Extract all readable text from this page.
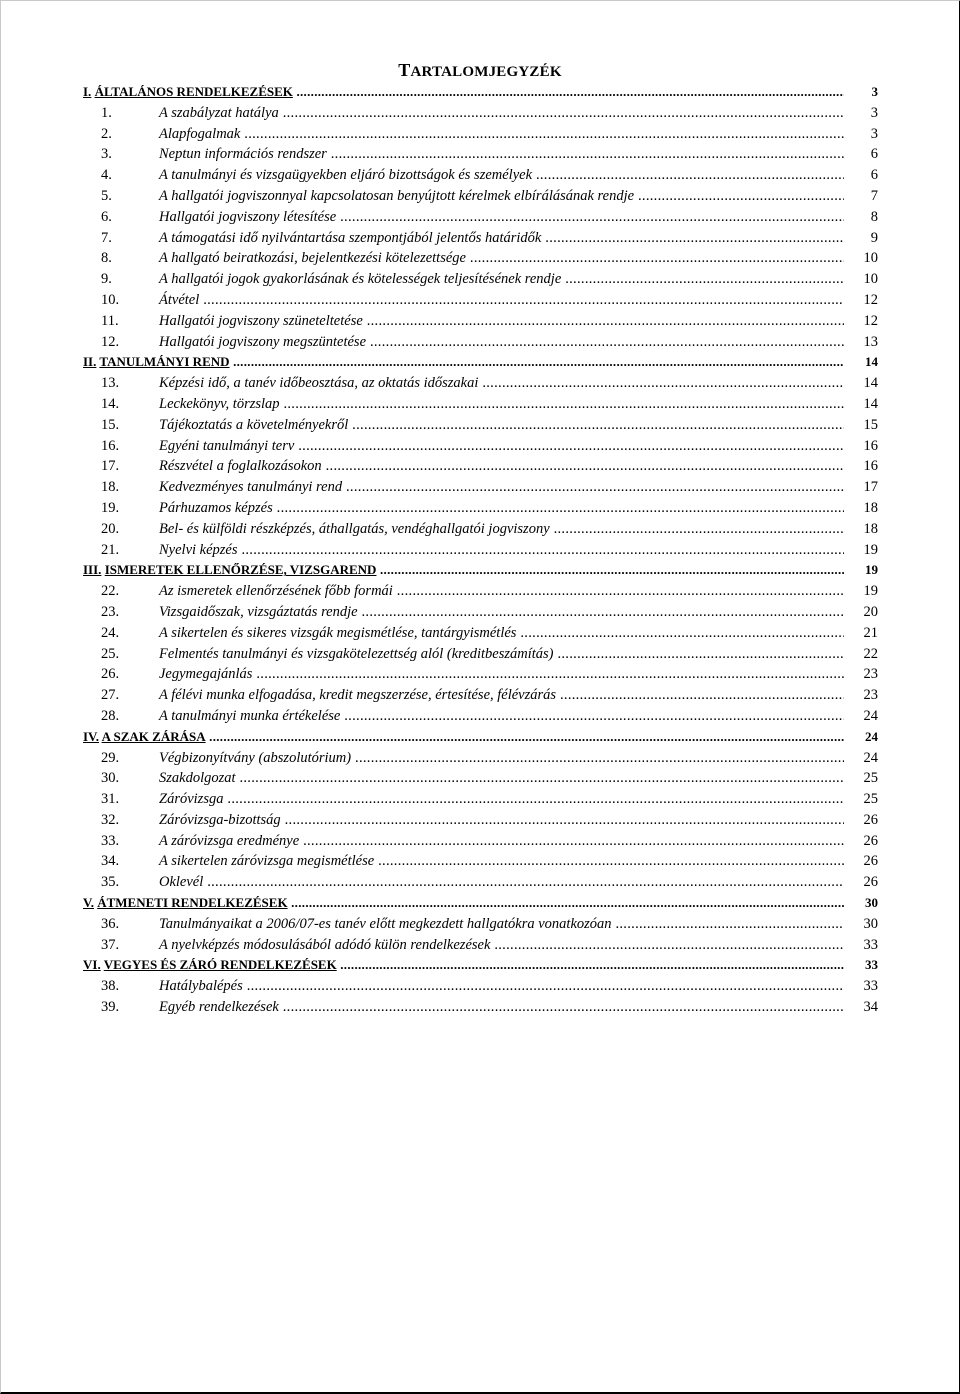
TARTALOMJEGYZÉK
I. ÁLTALÁNOS RENDELKEZÉSEK .....	3
1.	A szabályzat hatálya .....	3
2.	Alapfogalmak .....	3
3.	Neptun információs rendszer .....	6
4.	A tanulmányi és vizsgaügyekben eljáró bizottságok és személyek .....	6
5.	A hallgatói jogviszonnyal kapcsolatosan benyújtott kérelmek elbírálásának rendje .....	7
6.	Hallgatói jogviszony létesítése .....	8
7.	A támogatási idő nyilvántartása szempontjából jelentős határidők .....	9
8.	A hallgató beiratkozási, bejelentkezési kötelezettsége .....	10
9.	A hallgatói jogok gyakorlásának és kötelességek teljesítésének rendje .....	10
10.	Átvétel .....	12
11.	Hallgatói jogviszony szüneteltetése .....	12
12.	Hallgatói jogviszony megszüntetése .....	13
II. TANULMÁNYI REND .....	14
13.	Képzési idő, a tanév időbeosztása, az oktatás időszakai .....	14
14.	Leckekönyv, törzslap .....	14
15.	Tájékoztatás a követelményekről .....	15
16.	Egyéni tanulmányi terv .....	16
17.	Részvétel a foglalkozásokon .....	16
18.	Kedvezményes tanulmányi rend .....	17
19.	Párhuzamos képzés .....	18
20.	Bel- és külföldi részképzés, áthallgatás, vendéghallgatói jogviszony .....	18
21.	Nyelvi képzés .....	19
III. ISMERETEK ELLENŐRZÉSE, VIZSGAREND .....	19
22.	Az ismeretek ellenőrzésének főbb formái .....	19
23.	Vizsgaidőszak, vizsgáztatás rendje .....	20
24.	A sikertelen és sikeres vizsgák megismétlése, tantárgyismétlés .....	21
25.	Felmentés tanulmányi és vizsgakötelezettség alól (kreditbeszámítás) .....	22
26.	Jegymegajánlás .....	23
27.	A félévi munka elfogadása, kredit megszerzése, értesítése, félévzárás .....	23
28.	A tanulmányi munka értékelése .....	24
IV. A SZAK ZÁRÁSA .....	24
29.	Végbizonyítvány (abszolutórium) .....	24
30.	Szakdolgozat .....	25
31.	Záróvizsga .....	25
32.	Záróvizsga-bizottság .....	26
33.	A záróvizsga eredménye .....	26
34.	A sikertelen záróvizsga megismétlése .....	26
35.	Oklevél .....	26
V. ÁTMENETI RENDELKEZÉSEK .....	30
36.	Tanulmányaikat a 2006/07-es tanév előtt megkezdett hallgatókra vonatkozóan .....	30
37.	A nyelvképzés módosulásából adódó külön rendelkezések .....	33
VI. VEGYES ÉS ZÁRÓ RENDELKEZÉSEK .....	33
38.	Hatálybalépés .....	33
39.	Egyéb rendelkezések .....	34
